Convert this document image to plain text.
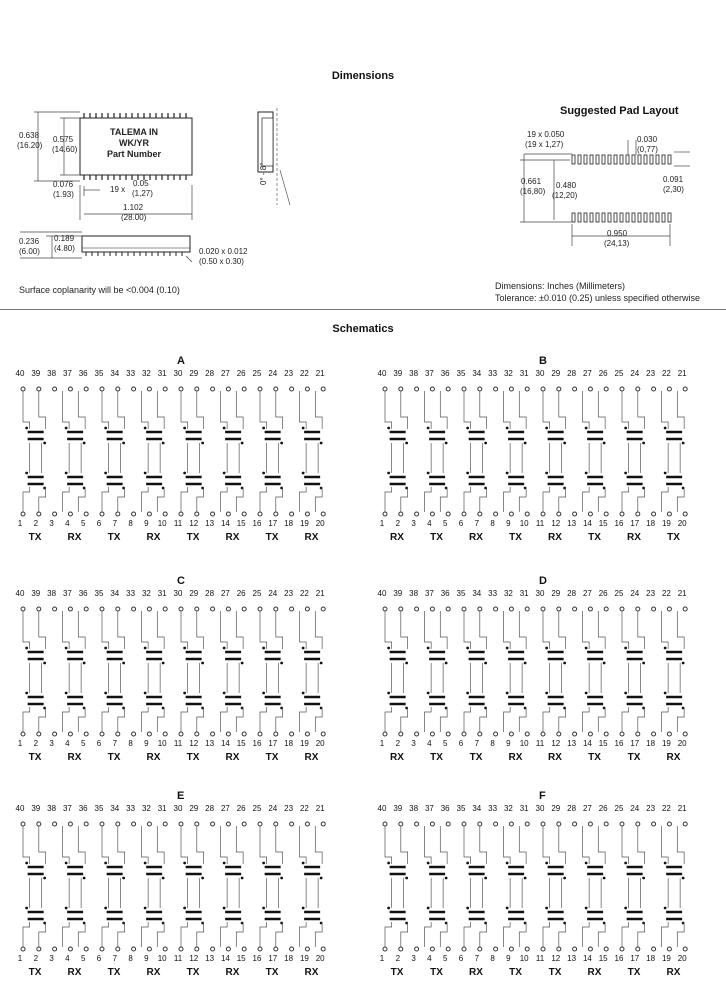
Dimensions
Suggested Pad Layout
TALEMA IN
WK/YR
Part Number
0.638
(16.20)
0.575
(14.60)
0.076
(1.93)
19 x
0.05
(1,27)
1.102
(28.00)
0.236
(6.00)
0.189
(4.80)	0.020 x 0.012
(0.50 x 0.30)
0° - 8°
Surface coplanarity will be <0.004 (0.10)
19 x 0.050
(19 x 1,27)
0.030
(0,77)
0.091
(2,30)
0.661
(16,80)
0.480
(12,20)
0.950
(24,13)
Dimensions: Inches (Millimeters)
Tolerance: ±0.010 (0.25) unless specified otherwise
Schematics
A
40
1
39
2
38
3
37
4
36
5
35
6
34
7
33
8
32
9
31
10
30
11
29
12
28
13
27
14
26
15
25
16
24
17
23
18
22
19
21
20
TX	RX	TX	RX	TX	RX	TX	RX
B
40
1
39
2
38
3
37
4
36
5
35
6
34
7
33
8
32
9
31
10
30
11
29
12
28
13
27
14
26
15
25
16
24
17
23
18
22
19
21
20
RX	TX	RX	TX	RX	TX	RX	TX
C
40
1
39
2
38
3
37
4
36
5
35
6
34
7
33
8
32
9
31
10
30
11
29
12
28
13
27
14
26
15
25
16
24
17
23
18
22
19
21
20
TX	RX	TX	RX	TX	RX	TX	RX
D
40
1
39
2
38
3
37
4
36
5
35
6
34
7
33
8
32
9
31
10
30
11
29
12
28
13
27
14
26
15
25
16
24
17
23
18
22
19
21
20
RX	TX	TX	RX	RX	TX	TX	RX
E
40
1
39
2
38
3
37
4
36
5
35
6
34
7
33
8
32
9
31
10
30
11
29
12
28
13
27
14
26
15
25
16
24
17
23
18
22
19
21
20
TX	RX	TX	RX	TX	RX	TX	RX
F
40
1
39
2
38
3
37
4
36
5
35
6
34
7
33
8
32
9
31
10
30
11
29
12
28
13
27
14
26
15
25
16
24
17
23
18
22
19
21
20
TX	TX	RX	TX	TX	RX	TX	RX
